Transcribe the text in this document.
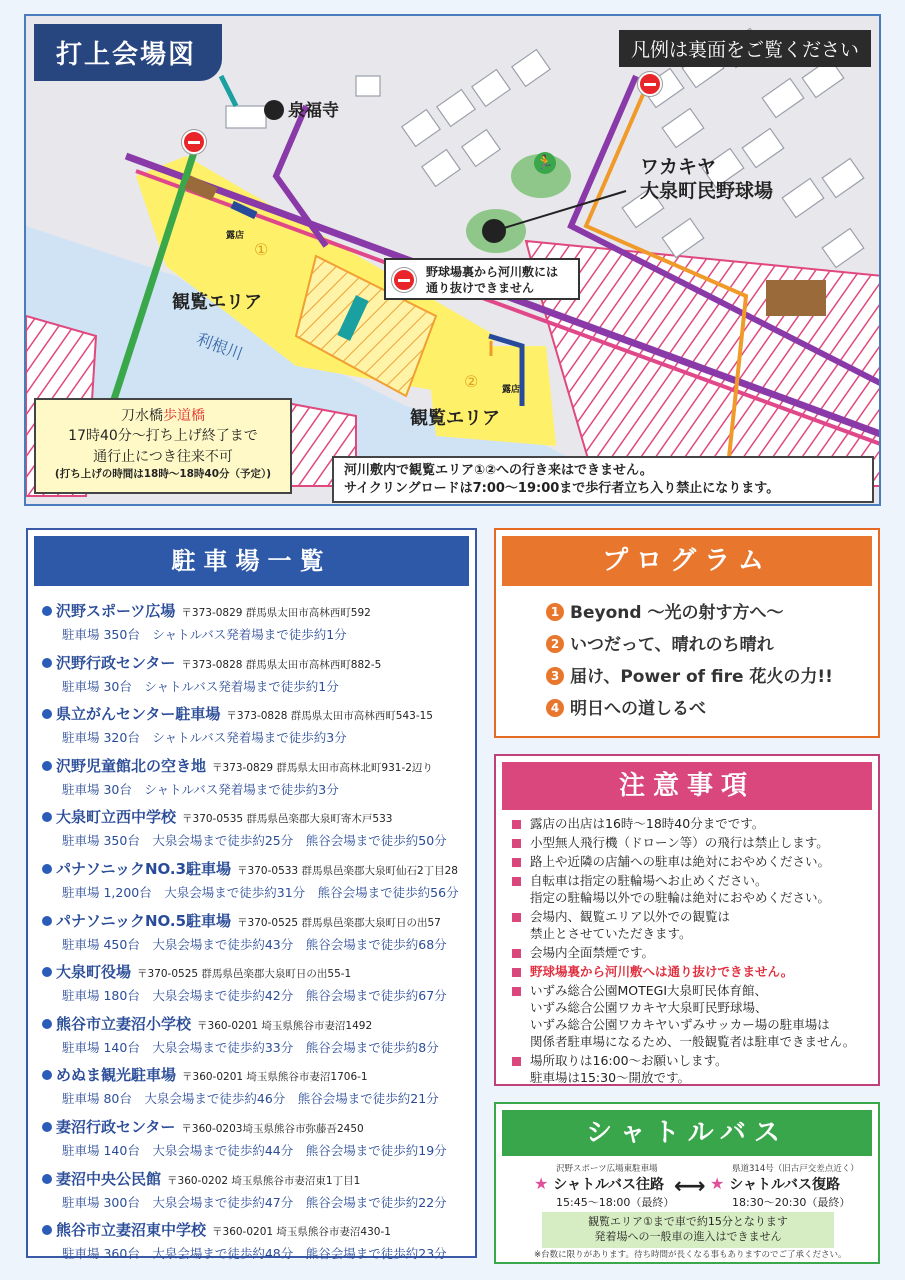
打上会場図	凡例は裏面をご覧ください
泉福寺
ワカキヤ
大泉町民野球場
🏃
露店
①
観覧エリア
利根川
野球場裏から河川敷には
通り抜けできません
②	露店
観覧エリア
刀水橋歩道橋
17時40分～打ち上げ終了まで
通行止につき往来不可
(打ち上げの時間は18時～18時40分（予定）)	河川敷内で観覧エリア①②への行き来はできません。
サイクリングロードは7:00～19:00まで歩行者立ち入り禁止になります。
駐車場一覧
沢野スポーツ広場 〒373-0829 群馬県太田市高林西町592
駐車場 350台　シャトルバス発着場まで徒歩約1分
沢野行政センター 〒373-0828 群馬県太田市高林西町882-5
駐車場 30台　シャトルバス発着場まで徒歩約1分
県立がんセンター駐車場 〒373-0828 群馬県太田市高林西町543-15
駐車場 320台　シャトルバス発着場まで徒歩約3分
沢野児童館北の空き地 〒373-0829 群馬県太田市高林北町931-2辺り
駐車場 30台　シャトルバス発着場まで徒歩約3分
大泉町立西中学校 〒370-0535 群馬県邑楽郡大泉町寄木戸533
駐車場 350台　大泉会場まで徒歩約25分　熊谷会場まで徒歩約50分
パナソニックNO.3駐車場 〒370-0533 群馬県邑楽郡大泉町仙石2丁目28
駐車場 1,200台　大泉会場まで徒歩約31分　熊谷会場まで徒歩約56分
パナソニックNO.5駐車場 〒370-0525 群馬県邑楽郡大泉町日の出57
駐車場 450台　大泉会場まで徒歩約43分　熊谷会場まで徒歩約68分
大泉町役場 〒370-0525 群馬県邑楽郡大泉町日の出55-1
駐車場 180台　大泉会場まで徒歩約42分　熊谷会場まで徒歩約67分
熊谷市立妻沼小学校 〒360-0201 埼玉県熊谷市妻沼1492
駐車場 140台　大泉会場まで徒歩約33分　熊谷会場まで徒歩約8分
めぬま観光駐車場 〒360-0201 埼玉県熊谷市妻沼1706-1
駐車場 80台　大泉会場まで徒歩約46分　熊谷会場まで徒歩約21分
妻沼行政センター 〒360-0203埼玉県熊谷市弥藤吾2450
駐車場 140台　大泉会場まで徒歩約44分　熊谷会場まで徒歩約19分
妻沼中央公民館 〒360-0202 埼玉県熊谷市妻沼東1丁目1
駐車場 300台　大泉会場まで徒歩約47分　熊谷会場まで徒歩約22分
熊谷市立妻沼東中学校 〒360-0201 埼玉県熊谷市妻沼430-1
駐車場 360台　大泉会場まで徒歩約48分　熊谷会場まで徒歩約23分
プログラム
1 Beyond ～光の射す方へ～
2 いつだって、晴れのち晴れ
3 届け、Power of fire 花火の力!!
4 明日への道しるべ
注意事項
露店の出店は16時～18時40分までです。
小型無人飛行機（ドローン等）の飛行は禁止します。
路上や近隣の店舗への駐車は絶対におやめください。
自転車は指定の駐輪場へお止めください。
指定の駐輪場以外での駐輪は絶対におやめください。
会場内、観覧エリア以外での観覧は
禁止とさせていただきます。
会場内全面禁煙です。
野球場裏から河川敷へは通り抜けできません。
いずみ総合公園MOTEGI大泉町民体育館、
いずみ総合公園ワカキヤ大泉町民野球場、
いずみ総合公園ワカキヤいずみサッカー場の駐車場は
関係者駐車場になるため、一般観覧者は駐車できません。
場所取りは16:00～お願いします。
駐車場は15:30～開放です。
シャトルバス
沢野スポーツ広場東駐車場
★ シャトルバス往路
15:45～18:00（最終）
⟷
県道314号（旧古戸交差点近く）
★ シャトルバス復路
18:30～20:30（最終）
観覧エリア①まで車で約15分となります
発着場への一般車の進入はできません
※台数に限りがあります。待ち時間が長くなる事もありますのでご了承ください。
